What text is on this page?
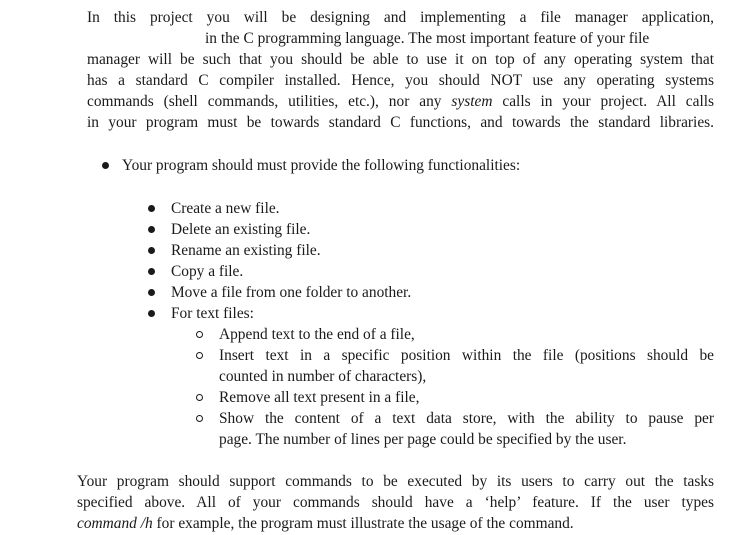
In this project you will be designing and implementing a file manager application,
in the C programming language. The most important feature of your file
manager will be such that you should be able to use it on top of any operating system that
has a standard C compiler installed. Hence, you should NOT use any operating systems
commands (shell commands, utilities, etc.), nor any system calls in your project. All calls
in your program must be towards standard C functions, and towards the standard libraries.
Your program should must provide the following functionalities:
Create a new file.
Delete an existing file.
Rename an existing file.
Copy a file.
Move a file from one folder to another.
For text files:
Append text to the end of a file,
Insert text in a specific position within the file (positions should be
counted in number of characters),
Remove all text present in a file,
Show the content of a text data store, with the ability to pause per
page. The number of lines per page could be specified by the user.
Your program should support commands to be executed by its users to carry out the tasks
specified above. All of your commands should have a ‘help’ feature. If the user types
command /h for example, the program must illustrate the usage of the command.
